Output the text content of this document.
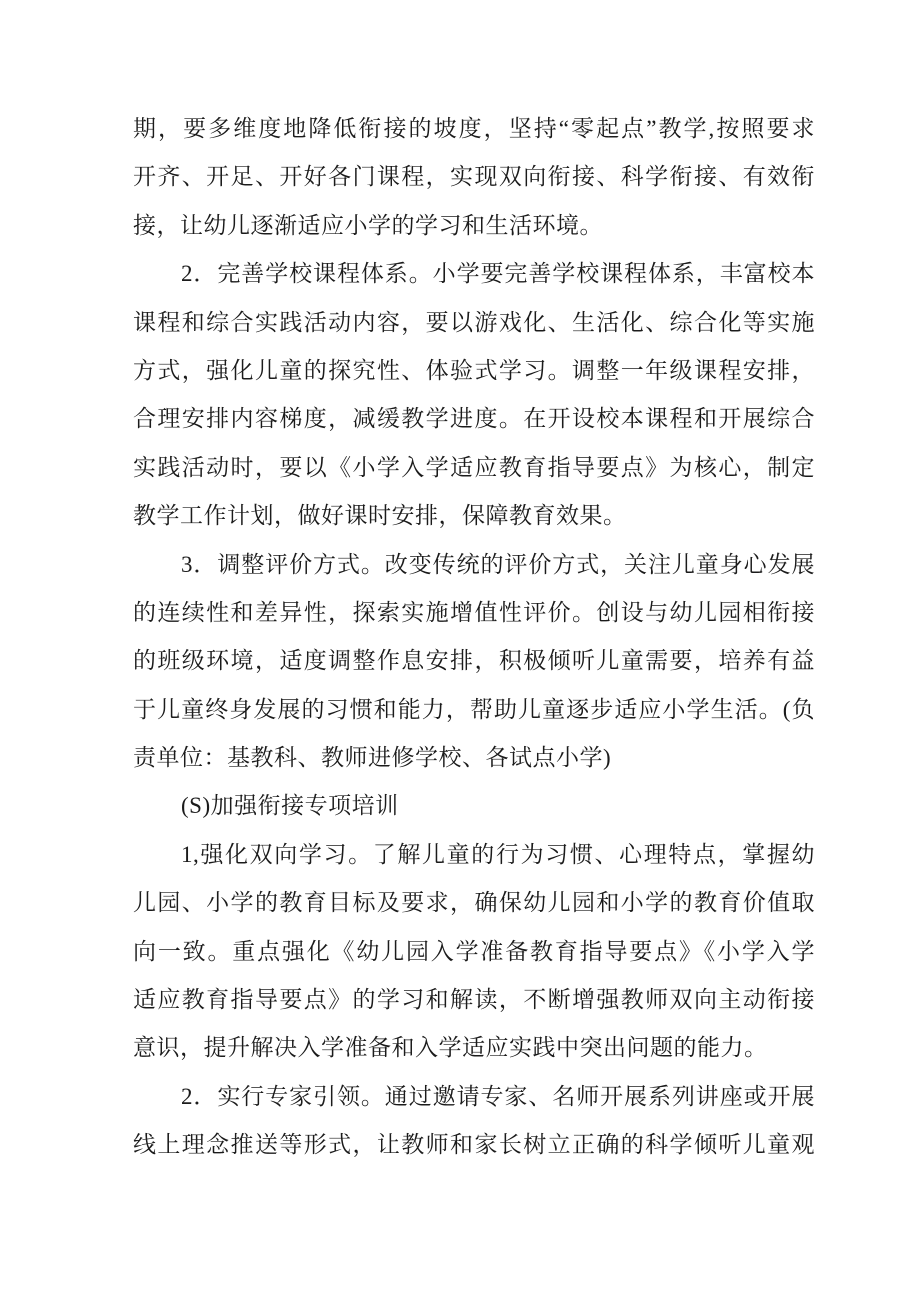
期，要多维度地降低衔接的坡度，坚持“零起点”教学,按照要求
开齐、开足、开好各门课程，实现双向衔接、科学衔接、有效衔
接，让幼儿逐渐适应小学的学习和生活环境。
2．完善学校课程体系。小学要完善学校课程体系，丰富校本
课程和综合实践活动内容，要以游戏化、生活化、综合化等实施
方式，强化儿童的探究性、体验式学习。调整一年级课程安排，
合理安排内容梯度，减缓教学进度。在开设校本课程和开展综合
实践活动时，要以《小学入学适应教育指导要点》为核心，制定
教学工作计划，做好课时安排，保障教育效果。
3．调整评价方式。改变传统的评价方式，关注儿童身心发展
的连续性和差异性，探索实施增值性评价。创设与幼儿园相衔接
的班级环境，适度调整作息安排，积极倾听儿童需要，培养有益
于儿童终身发展的习惯和能力，帮助儿童逐步适应小学生活。(负
责单位：基教科、教师进修学校、各试点小学)
(S)加强衔接专项培训
1,强化双向学习。了解儿童的行为习惯、心理特点，掌握幼
儿园、小学的教育目标及要求，确保幼儿园和小学的教育价值取
向一致。重点强化《幼儿园入学准备教育指导要点》《小学入学
适应教育指导要点》的学习和解读，不断增强教师双向主动衔接
意识，提升解决入学准备和入学适应实践中突出问题的能力。
2．实行专家引领。通过邀请专家、名师开展系列讲座或开展
线上理念推送等形式，让教师和家长树立正确的科学倾听儿童观
